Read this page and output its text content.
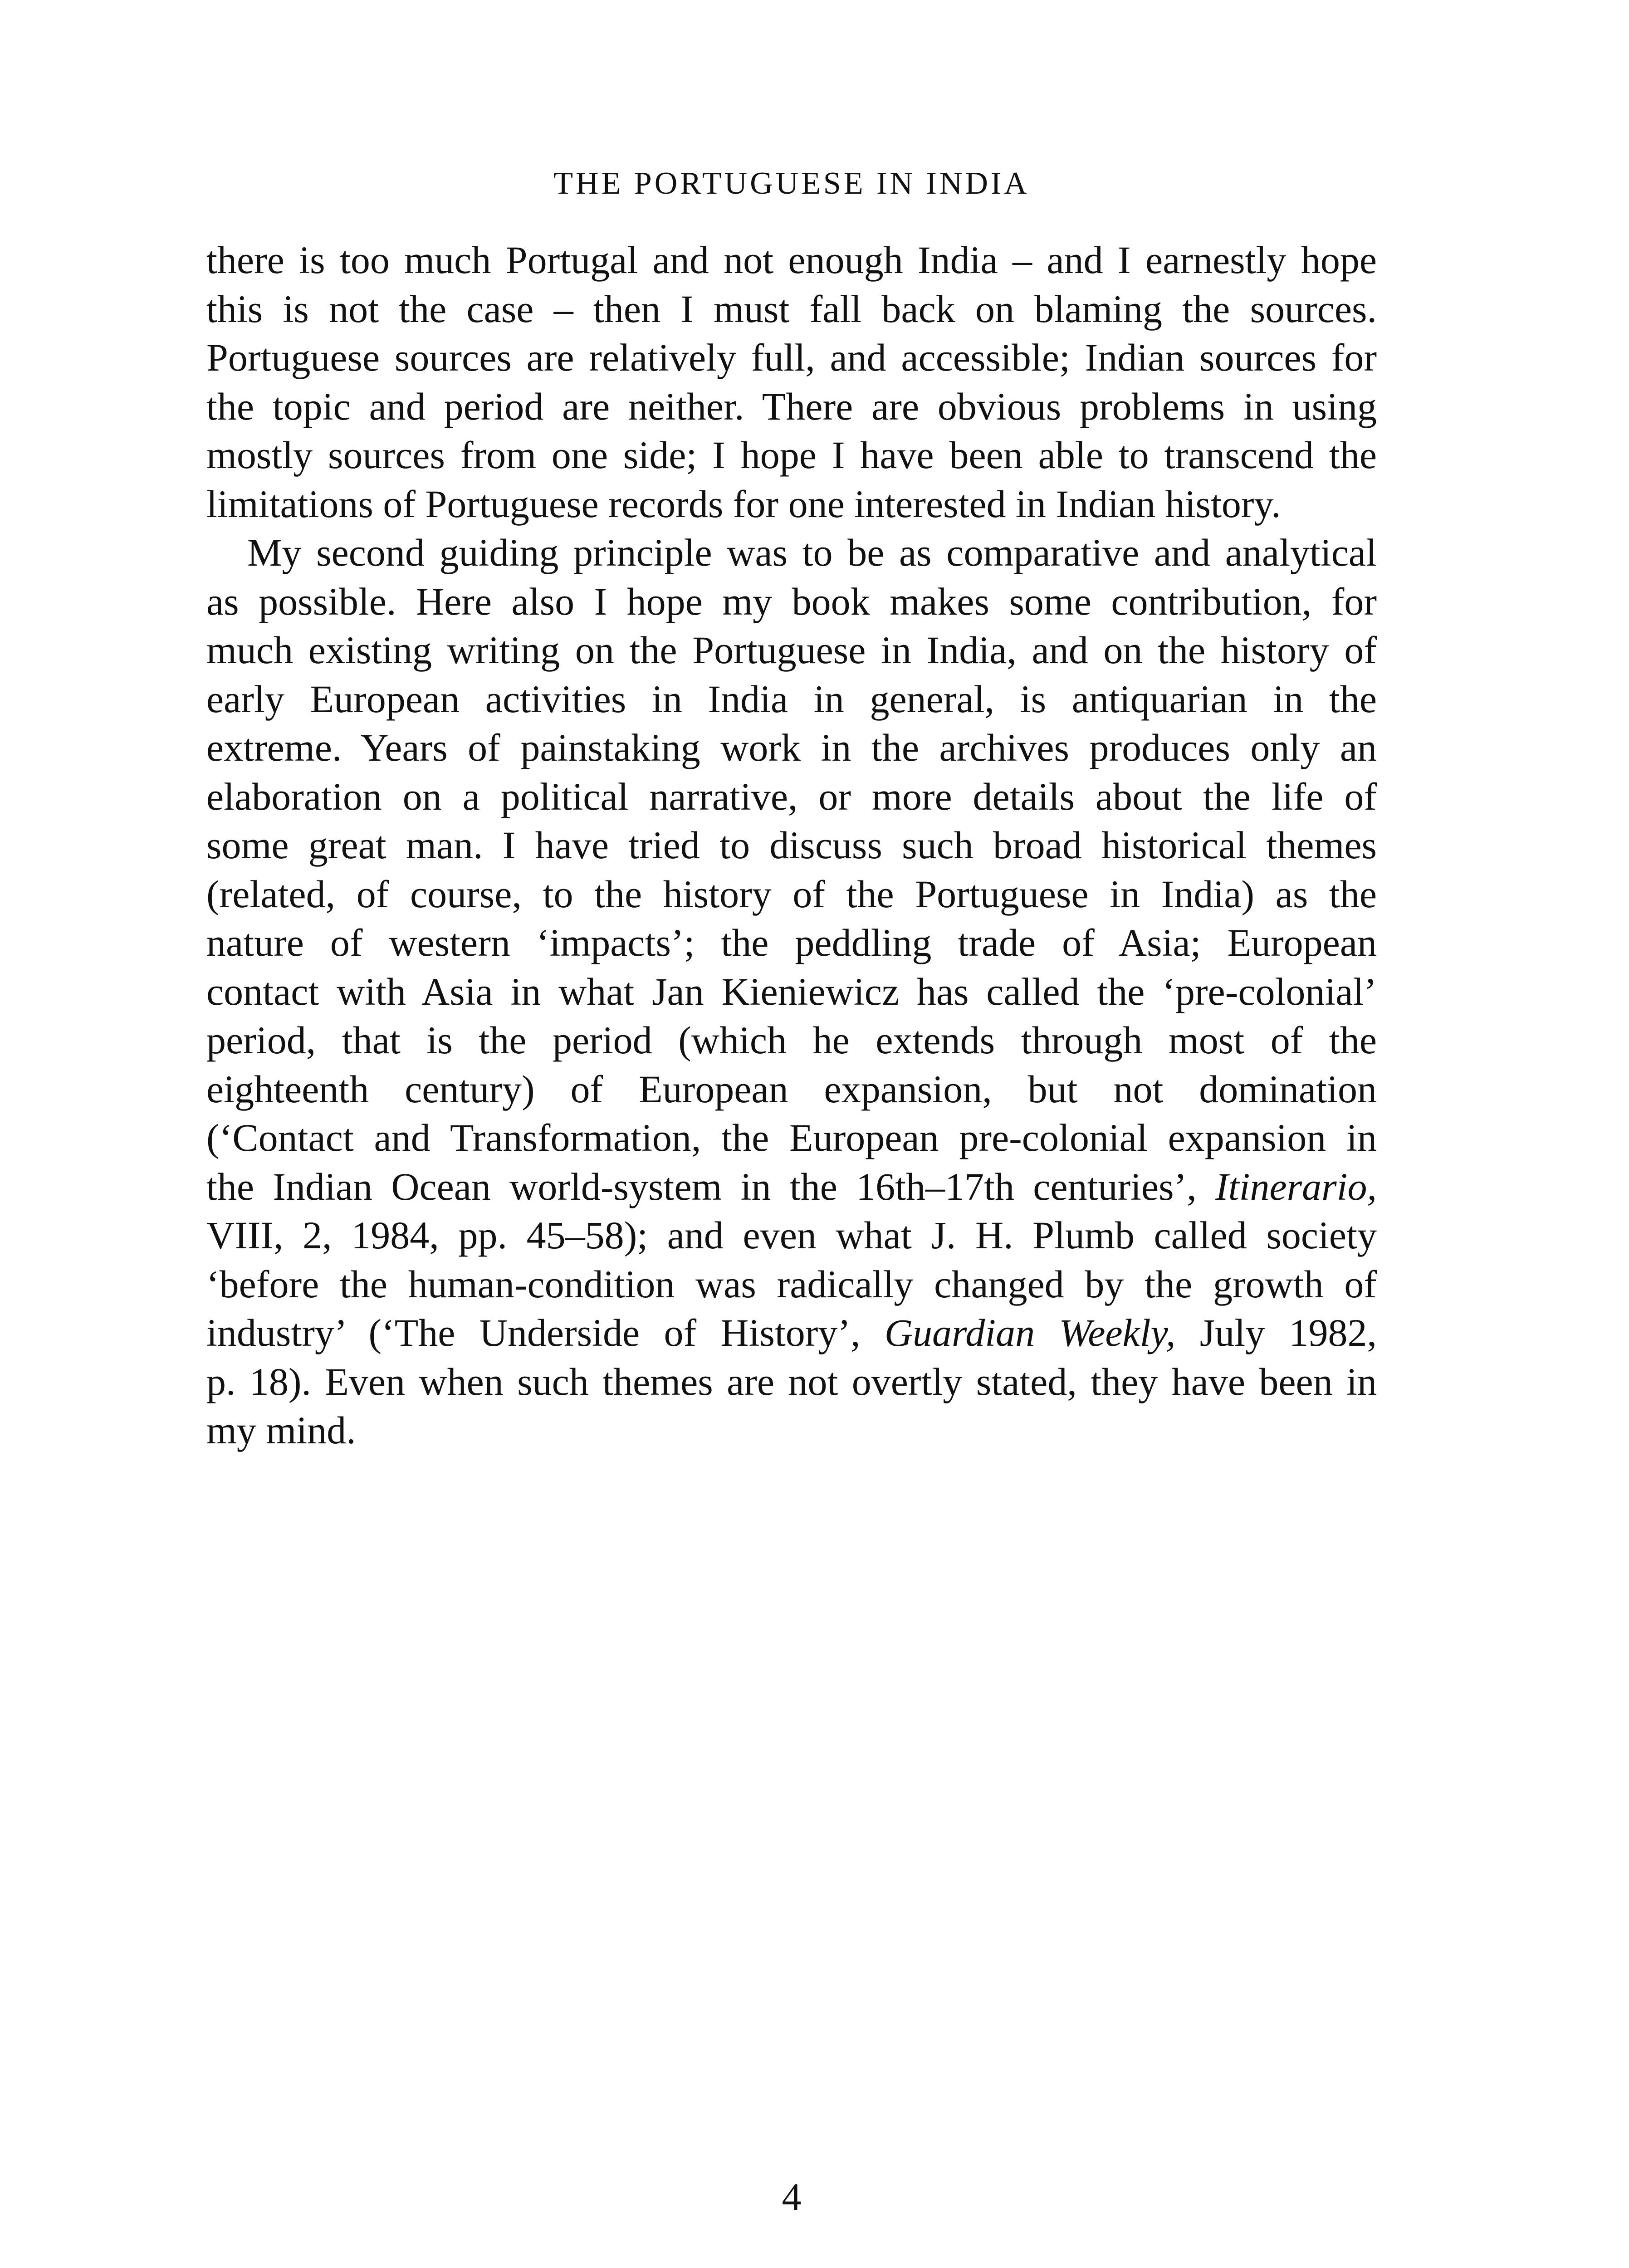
THE PORTUGUESE IN INDIA

there is too much Portugal and not enough India – and I earnestly hope
this is not the case – then I must fall back on blaming the sources.
Portuguese sources are relatively full, and accessible; Indian sources for
the topic and period are neither. There are obvious problems in using
mostly sources from one side; I hope I have been able to transcend the
limitations of Portuguese records for one interested in Indian history.

My second guiding principle was to be as comparative and analytical
as possible. Here also I hope my book makes some contribution, for
much existing writing on the Portuguese in India, and on the history of
early European activities in India in general, is antiquarian in the
extreme. Years of painstaking work in the archives produces only an
elaboration on a political narrative, or more details about the life of
some great man. I have tried to discuss such broad historical themes
(related, of course, to the history of the Portuguese in India) as the
nature of western ‘impacts’; the peddling trade of Asia; European
contact with Asia in what Jan Kieniewicz has called the ‘pre-colonial’
period, that is the period (which he extends through most of the
eighteenth century) of European expansion, but not domination
(‘Contact and Transformation, the European pre-colonial expansion in
the Indian Ocean world-system in the 16th–17th centuries’, Itinerario,
VIII, 2, 1984, pp. 45–58); and even what J. H. Plumb called society
‘before the human-condition was radically changed by the growth of
industry’ (‘The Underside of History’, Guardian Weekly, July 1982,
p. 18). Even when such themes are not overtly stated, they have been in
my mind.

4
